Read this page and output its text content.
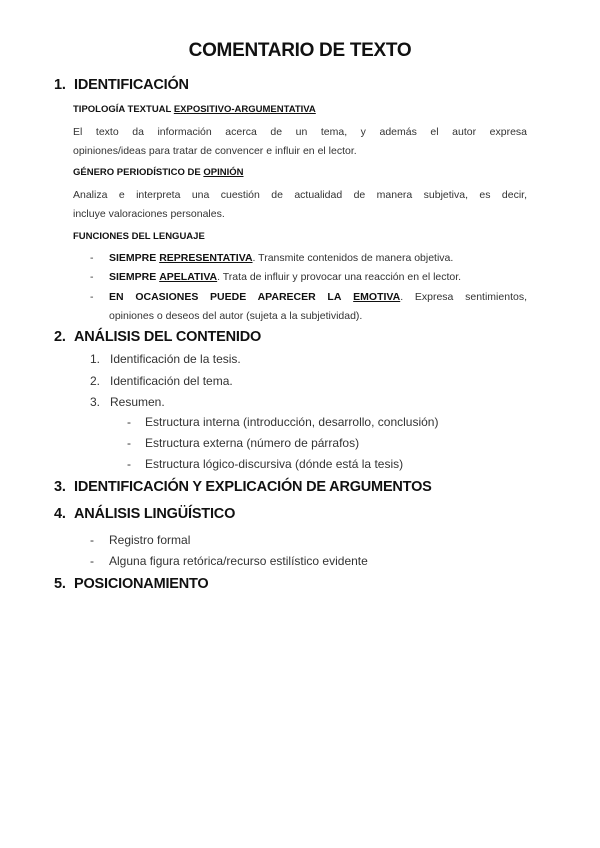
COMENTARIO DE TEXTO
1. IDENTIFICACIÓN
TIPOLOGÍA TEXTUAL EXPOSITIVO-ARGUMENTATIVA
El texto da información acerca de un tema, y además el autor expresa
opiniones/ideas para tratar de convencer e influir en el lector.
GÉNERO PERIODÍSTICO DE OPINIÓN
Analiza e interpreta una cuestión de actualidad de manera subjetiva, es decir,
incluye valoraciones personales.
FUNCIONES DEL LENGUAJE
- SIEMPRE REPRESENTATIVA. Transmite contenidos de manera objetiva.
- SIEMPRE APELATIVA. Trata de influir y provocar una reacción en el lector.
- EN OCASIONES PUEDE APARECER LA EMOTIVA. Expresa sentimientos,
opiniones o deseos del autor (sujeta a la subjetividad).
2. ANÁLISIS DEL CONTENIDO
1. Identificación de la tesis.
2. Identificación del tema.
3. Resumen.
- Estructura interna (introducción, desarrollo, conclusión)
- Estructura externa (número de párrafos)
- Estructura lógico-discursiva (dónde está la tesis)
3. IDENTIFICACIÓN Y EXPLICACIÓN DE ARGUMENTOS
4. ANÁLISIS LINGÜÍSTICO
- Registro formal
- Alguna figura retórica/recurso estilístico evidente
5. POSICIONAMIENTO
